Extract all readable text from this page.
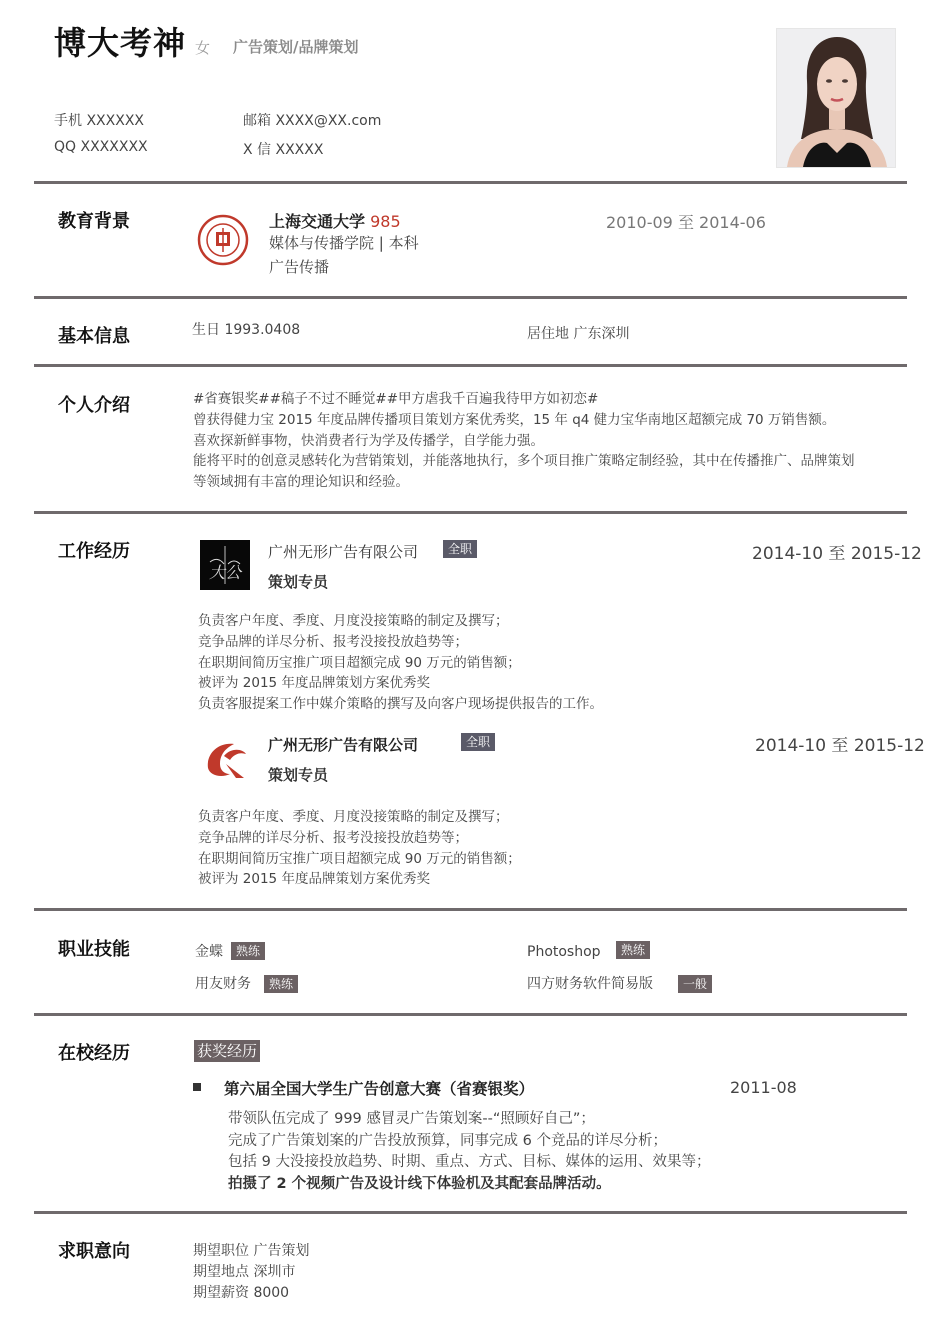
博大考神 女 广告策划/品牌策划
手机 XXXXXX	邮箱 XXXX@XX.com
QQ XXXXXXX	X 信 XXXXX
教育背景	上海交通大学 985
媒体与传播学院 | 本科
广告传播
2010-09 至 2014-06
基本信息	生日 1993.0408	居住地 广东深圳
个人介绍	#省赛银奖##稿子不过不睡觉##甲方虐我千百遍我待甲方如初恋#
曾获得健力宝 2015 年度品牌传播项目策划方案优秀奖，15 年 q4 健力宝华南地区超额完成 70 万销售额。
喜欢探新鲜事物，快消费者行为学及传播学，自学能力强。
能将平时的创意灵感转化为营销策划，并能落地执行，多个项目推广策略定制经验，其中在传播推广、品牌策划
等领域拥有丰富的理论知识和经验。
工作经历
大公
广州无形广告有限公司	全职
策划专员
2014-10 至 2015-12
负责客户年度、季度、月度没接策略的制定及撰写；
竞争品牌的详尽分析、报考没接投放趋势等；
在职期间简历宝推广项目超额完成 90 万元的销售额；
被评为 2015 年度品牌策划方案优秀奖
负责客服提案工作中媒介策略的撰写及向客户现场提供报告的工作。
广州无形广告有限公司	全职
策划专员
2014-10 至 2015-12
负责客户年度、季度、月度没接策略的制定及撰写；
竞争品牌的详尽分析、报考没接投放趋势等；
在职期间简历宝推广项目超额完成 90 万元的销售额；
被评为 2015 年度品牌策划方案优秀奖
职业技能	金蝶	熟练	Photoshop	熟练
用友财务	熟练	四方财务软件简易版	一般
在校经历	获奖经历
第六届全国大学生广告创意大赛（省赛银奖）	2011-08
带领队伍完成了 999 感冒灵广告策划案--“照顾好自己”；
完成了广告策划案的广告投放预算，同事完成 6 个竞品的详尽分析；
包括 9 大没接投放趋势、时期、重点、方式、目标、媒体的运用、效果等；
拍摄了 2 个视频广告及设计线下体验机及其配套品牌活动。
求职意向	期望职位 广告策划
期望地点 深圳市
期望薪资 8000
